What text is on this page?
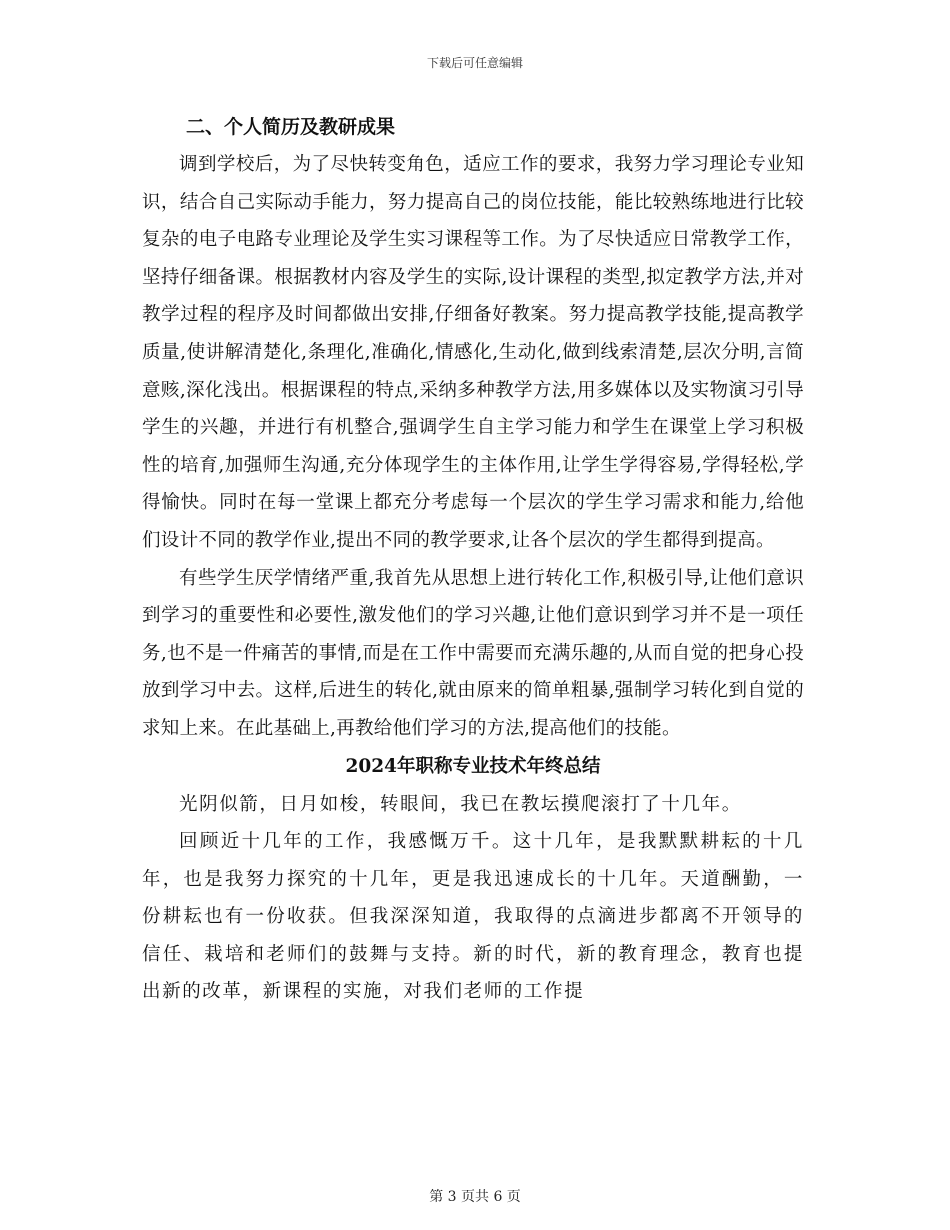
下载后可任意编辑
二、个人简历及教研成果

调到学校后，为了尽快转变角色，适应工作的要求，我努力学习理论专业知识，结合自己实际动手能力，努力提高自己的岗位技能，能比较熟练地进行比较复杂的电子电路专业理论及学生实习课程等工作。为了尽快适应日常教学工作，坚持仔细备课。根据教材内容及学生的实际,设计课程的类型,拟定教学方法,并对教学过程的程序及时间都做出安排,仔细备好教案。努力提高教学技能,提高教学质量,使讲解清楚化,条理化,准确化,情感化,生动化,做到线索清楚,层次分明,言简意赅,深化浅出。根据课程的特点,采纳多种教学方法,用多媒体以及实物演习引导学生的兴趣，并进行有机整合,强调学生自主学习能力和学生在课堂上学习积极性的培育,加强师生沟通,充分体现学生的主体作用,让学生学得容易,学得轻松,学得愉快。同时在每一堂课上都充分考虑每一个层次的学生学习需求和能力,给他们设计不同的教学作业,提出不同的教学要求,让各个层次的学生都得到提高。

有些学生厌学情绪严重,我首先从思想上进行转化工作,积极引导,让他们意识到学习的重要性和必要性,激发他们的学习兴趣,让他们意识到学习并不是一项任务,也不是一件痛苦的事情,而是在工作中需要而充满乐趣的,从而自觉的把身心投放到学习中去。这样,后进生的转化,就由原来的简单粗暴,强制学习转化到自觉的求知上来。在此基础上,再教给他们学习的方法,提高他们的技能。

2024年职称专业技术年终总结

光阴似箭，日月如梭，转眼间，我已在教坛摸爬滚打了十几年。

回顾近十几年的工作，我感慨万千。这十几年，是我默默耕耘的十几年，也是我努力探究的十几年，更是我迅速成长的十几年。天道酬勤，一份耕耘也有一份收获。但我深深知道，我取得的点滴进步都离不开领导的信任、栽培和老师们的鼓舞与支持。新的时代，新的教育理念，教育也提出新的改革，新课程的实施，对我们老师的工作提

第 3 页共 6 页
